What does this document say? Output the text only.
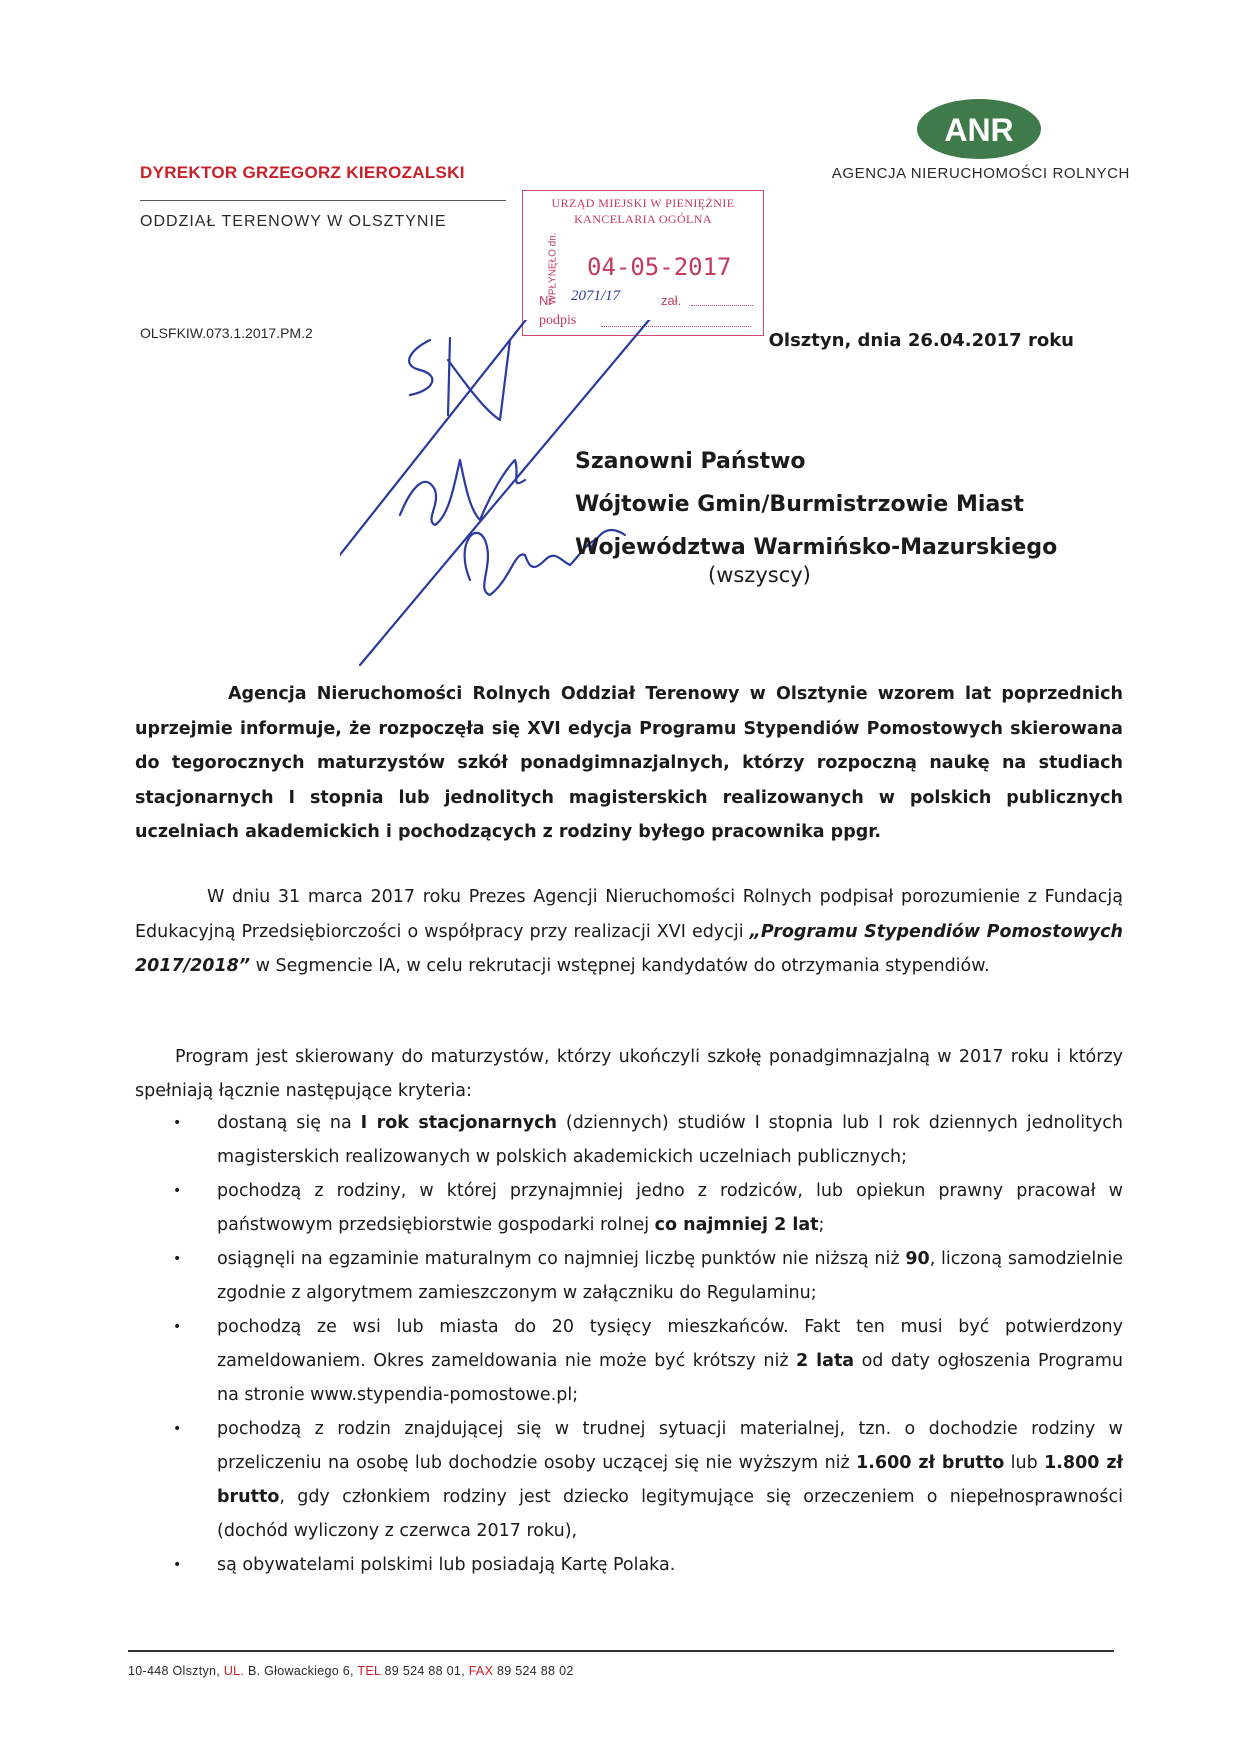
DYREKTOR GRZEGORZ KIEROZALSKI
ODDZIAŁ TERENOWY W OLSZTYNIE
ANR
AGENCJA NIERUCHOMOŚCI ROLNYCH
OLSFKIW.073.1.2017.PM.2	Olsztyn, dnia 26.04.2017 roku
URZĄD MIEJSKI W PIENIĘŻNIE
KANCELARIA OGÓLNA
WPŁYNĘŁO dn.
04-05-2017
Nr 2071/17	zał.
podpis
Szanowni Państwo
Wójtowie Gmin/Burmistrzowie Miast
Województwa Warmińsko-Mazurskiego
(wszyscy)
Agencja Nieruchomości Rolnych Oddział Terenowy w Olsztynie wzorem lat poprzednich uprzejmie informuje, że rozpoczęła się XVI edycja Programu Stypendiów Pomostowych skierowana do tegorocznych maturzystów szkół ponadgimnazjalnych, którzy rozpoczną naukę na studiach stacjonarnych I stopnia lub jednolitych magisterskich realizowanych w polskich publicznych uczelniach akademickich i pochodzących z rodziny byłego pracownika ppgr.
W dniu 31 marca 2017 roku Prezes Agencji Nieruchomości Rolnych podpisał porozumienie z Fundacją Edukacyjną Przedsiębiorczości o współpracy przy realizacji XVI edycji „Programu Stypendiów Pomostowych 2017/2018” w Segmencie IA, w celu rekrutacji wstępnej kandydatów do otrzymania stypendiów.
Program jest skierowany do maturzystów, którzy ukończyli szkołę ponadgimnazjalną w 2017 roku i którzy spełniają łącznie następujące kryteria:
• dostaną się na I rok stacjonarnych (dziennych) studiów I stopnia lub I rok dziennych jednolitych magisterskich realizowanych w polskich akademickich uczelniach publicznych;
• pochodzą z rodziny, w której przynajmniej jedno z rodziców, lub opiekun prawny pracował w państwowym przedsiębiorstwie gospodarki rolnej co najmniej 2 lat;
• osiągnęli na egzaminie maturalnym co najmniej liczbę punktów nie niższą niż 90, liczoną samodzielnie zgodnie z algorytmem zamieszczonym w załączniku do Regulaminu;
• pochodzą ze wsi lub miasta do 20 tysięcy mieszkańców. Fakt ten musi być potwierdzony zameldowaniem. Okres zameldowania nie może być krótszy niż 2 lata od daty ogłoszenia Programu na stronie www.stypendia-pomostowe.pl;
• pochodzą z rodzin znajdującej się w trudnej sytuacji materialnej, tzn. o dochodzie rodziny w przeliczeniu na osobę lub dochodzie osoby uczącej się nie wyższym niż 1.600 zł brutto lub 1.800 zł brutto, gdy członkiem rodziny jest dziecko legitymujące się orzeczeniem o niepełnosprawności (dochód wyliczony z czerwca 2017 roku),
• są obywatelami polskimi lub posiadają Kartę Polaka.
10-448 Olsztyn, UL. B. Głowackiego 6, TEL 89 524 88 01, FAX 89 524 88 02
